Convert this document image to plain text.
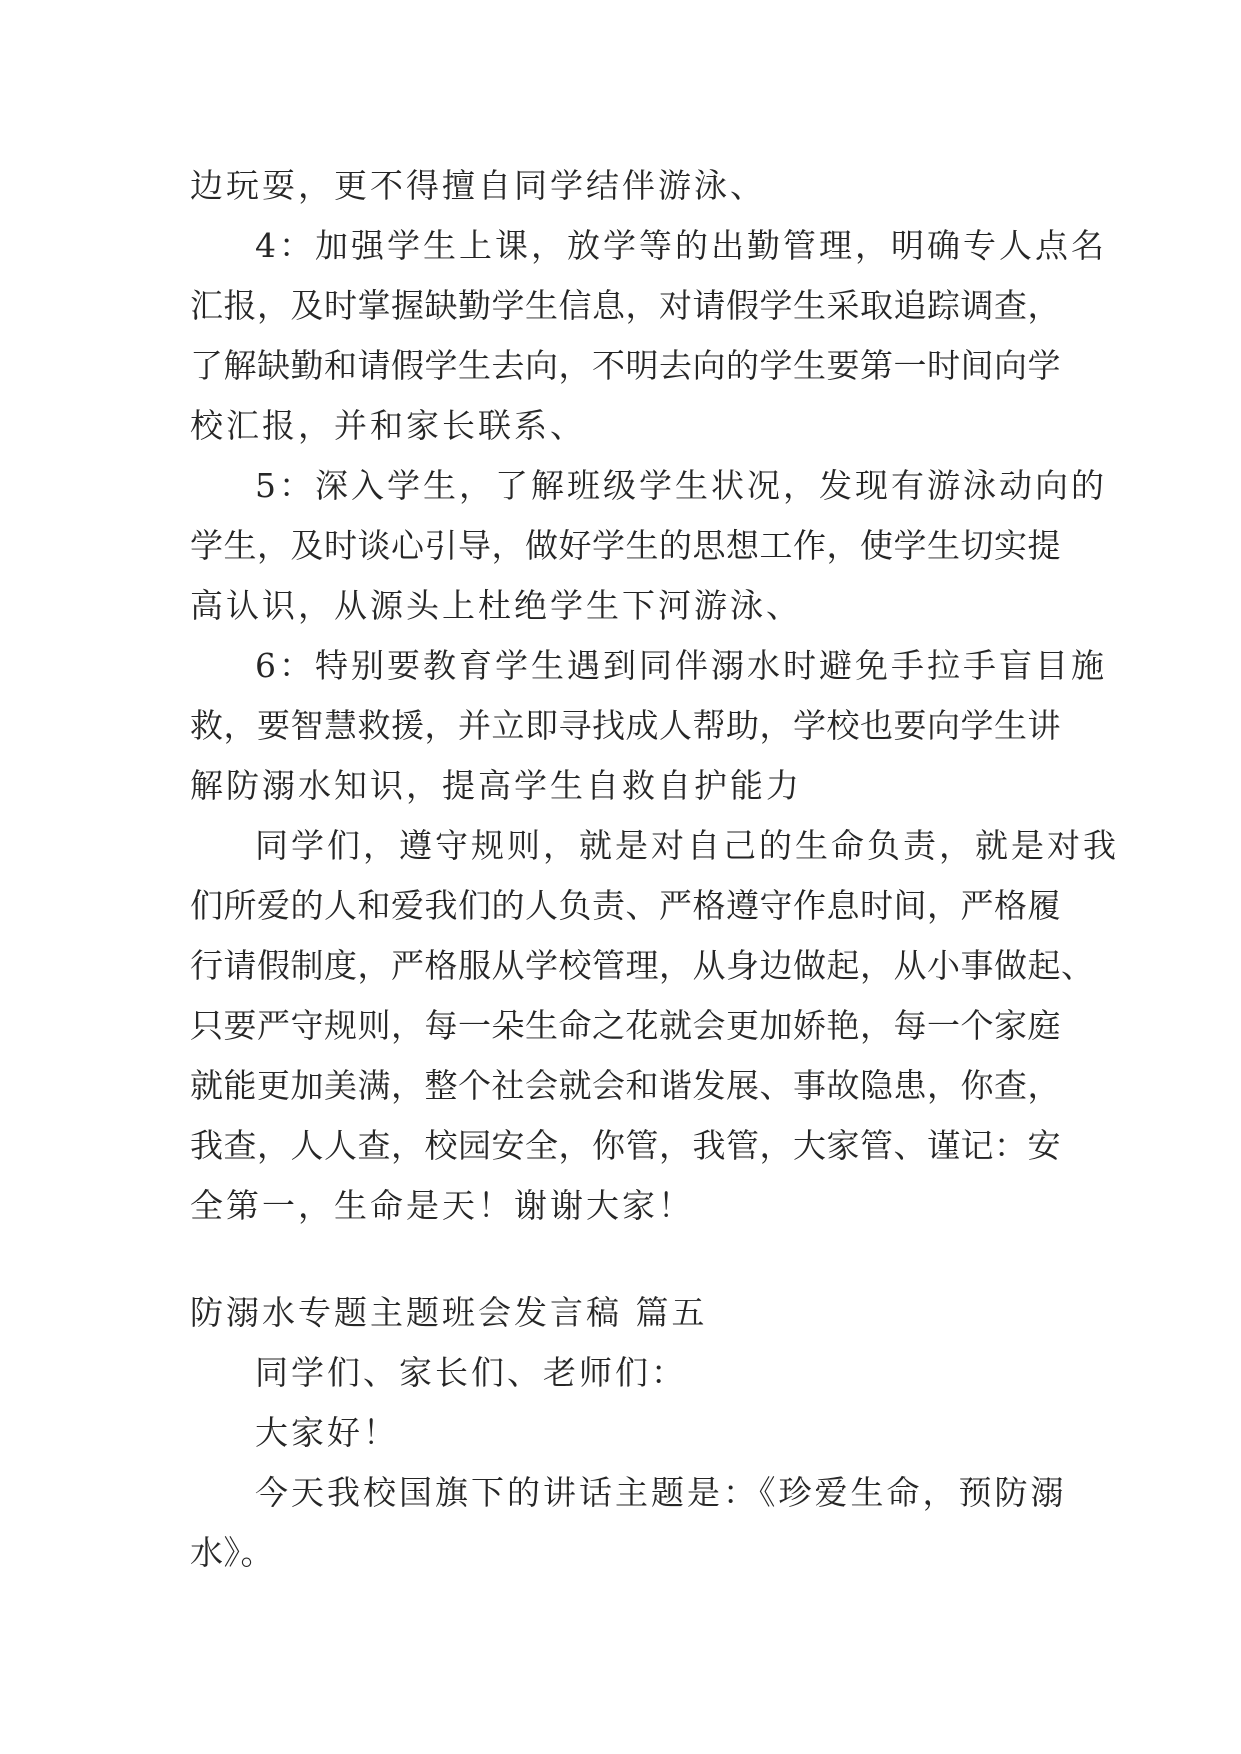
边玩耍，更不得擅自同学结伴游泳、
4：加强学生上课，放学等的出勤管理，明确专人点名
汇报，及时掌握缺勤学生信息，对请假学生采取追踪调查，
了解缺勤和请假学生去向，不明去向的学生要第一时间向学
校汇报，并和家长联系、
5：深入学生，了解班级学生状况，发现有游泳动向的
学生，及时谈心引导，做好学生的思想工作，使学生切实提
高认识，从源头上杜绝学生下河游泳、
6：特别要教育学生遇到同伴溺水时避免手拉手盲目施
救，要智慧救援，并立即寻找成人帮助，学校也要向学生讲
解防溺水知识，提高学生自救自护能力
同学们，遵守规则，就是对自己的生命负责，就是对我
们所爱的人和爱我们的人负责、严格遵守作息时间，严格履
行请假制度，严格服从学校管理，从身边做起，从小事做起、
只要严守规则，每一朵生命之花就会更加娇艳，每一个家庭
就能更加美满，整个社会就会和谐发展、事故隐患，你查，
我查，人人查，校园安全，你管，我管，大家管、谨记：安
全第一，生命是天！谢谢大家！
防溺水专题主题班会发言稿 篇五
同学们、家长们、老师们：
大家好！
今天我校国旗下的讲话主题是：《珍爱生命，预防溺
水》。
